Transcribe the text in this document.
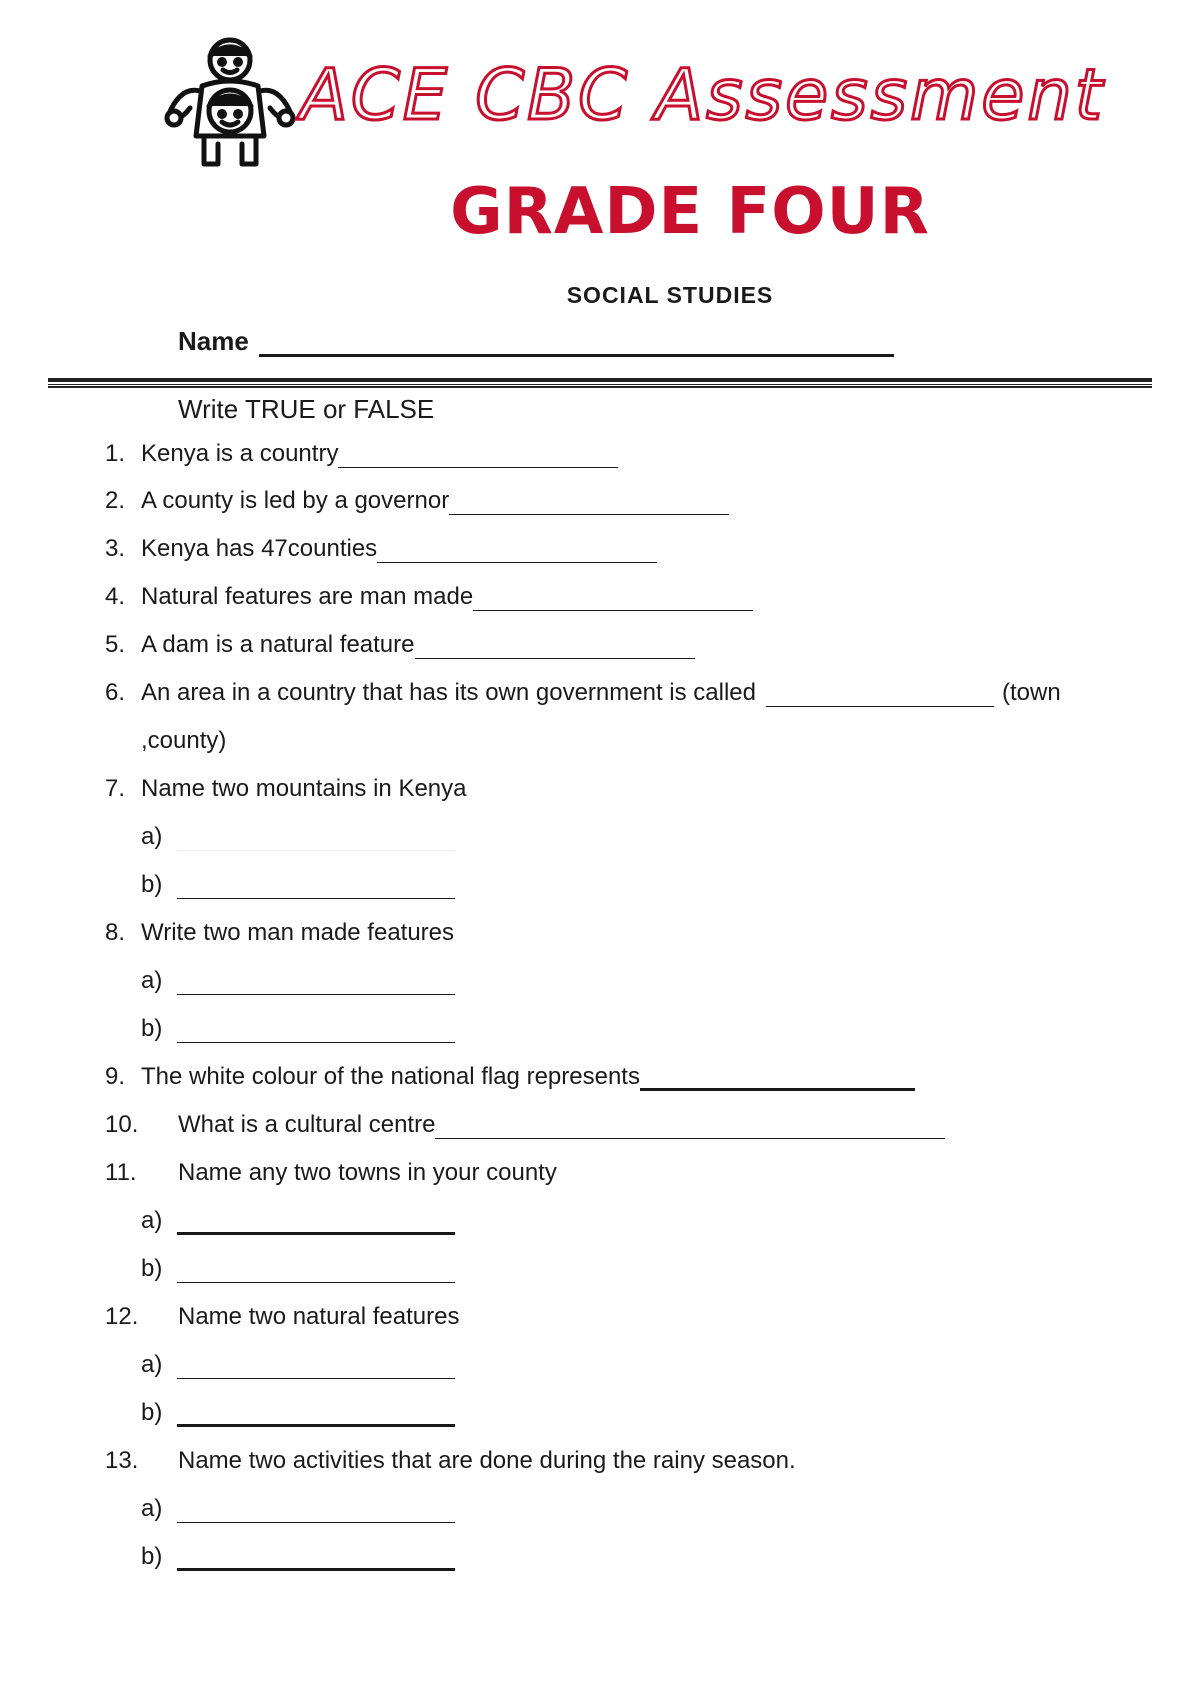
ACE CBC Assessment
GRADE FOUR
SOCIAL STUDIES
Name
Write TRUE or FALSE
1. Kenya is a country
2. A county is led by a governor
3. Kenya has 47counties
4. Natural features are man made
5. A dam is a natural feature
6. An area in a country that has its own government is called	(town
,county)
7. Name two mountains in Kenya
a)
b)
8. Write two man made features
a)
b)
9. The white colour of the national flag represents
10.	What is a cultural centre
11.	Name any two towns in your county
a)
b)
12.	Name two natural features
a)
b)
13.	Name two activities that are done during the rainy season.
a)
b)
